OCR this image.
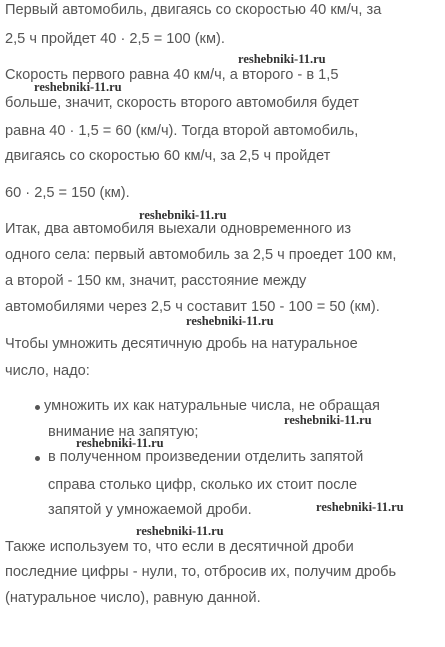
Первый автомобиль, двигаясь со скоростью 40 км/ч, за
2,5 ч пройдет 40 · 2,5 = 100 (км).
Скорость первого равна 40 км/ч, а второго - в 1,5
больше, значит, скорость второго автомобиля будет
равна 40 · 1,5 = 60 (км/ч). Тогда второй автомобиль,
двигаясь со скоростью 60 км/ч, за 2,5 ч пройдет
60 · 2,5 = 150 (км).
Итак, два автомобиля выехали одновременного из
одного села: первый автомобиль за 2,5 ч проедет 100 км,
а второй - 150 км, значит, расстояние между
автомобилями через 2,5 ч составит 150 - 100 = 50 (км).
Чтобы умножить десятичную дробь на натуральное
число, надо:
умножить их как натуральные числа, не обращая
внимание на запятую;
в полученном произведении отделить запятой
справа столько цифр, сколько их стоит после
запятой у умножаемой дроби.
Также используем то, что если в десятичной дроби
последние цифры - нули, то, отбросив их, получим дробь
(натуральное число), равную данной.
reshebniki-11.ru
reshebniki-11.ru
reshebniki-11.ru
reshebniki-11.ru
reshebniki-11.ru
reshebniki-11.ru
reshebniki-11.ru
reshebniki-11.ru
